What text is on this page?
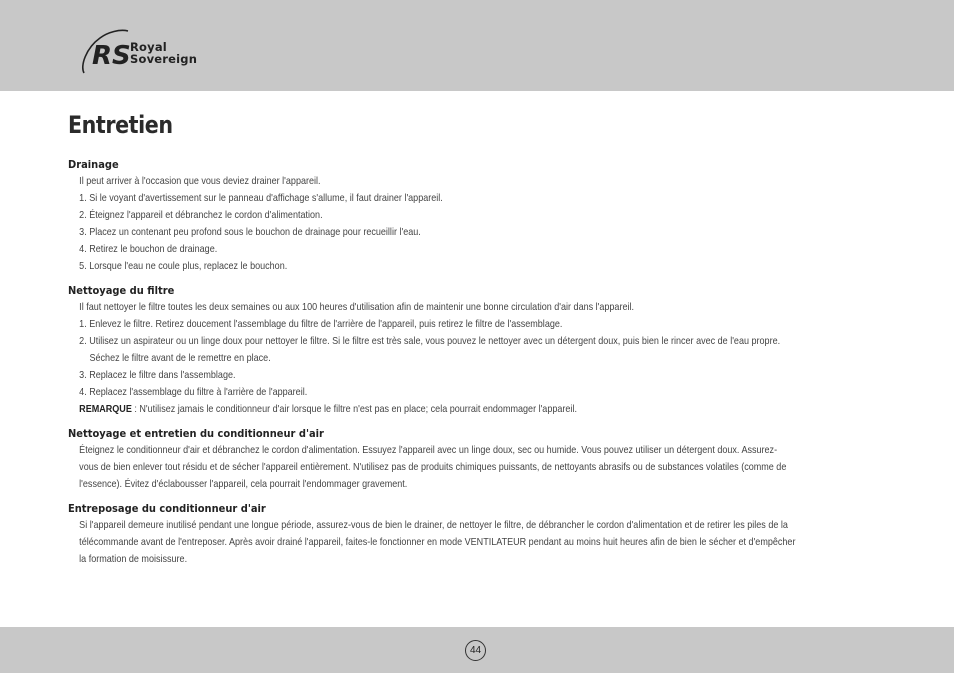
RS Royal
Sovereign
Entretien
Drainage
Il peut arriver à l'occasion que vous deviez drainer l'appareil.
1. Si le voyant d'avertissement sur le panneau d'affichage s'allume, il faut drainer l'appareil.
2. Éteignez l'appareil et débranchez le cordon d'alimentation.
3. Placez un contenant peu profond sous le bouchon de drainage pour recueillir l'eau.
4. Retirez le bouchon de drainage.
5. Lorsque l'eau ne coule plus, replacez le bouchon.
Nettoyage du filtre
Il faut nettoyer le filtre toutes les deux semaines ou aux 100 heures d'utilisation afin de maintenir une bonne circulation d'air dans l'appareil.
1. Enlevez le filtre. Retirez doucement l'assemblage du filtre de l'arrière de l'appareil, puis retirez le filtre de l'assemblage.
2. Utilisez un aspirateur ou un linge doux pour nettoyer le filtre. Si le filtre est très sale, vous pouvez le nettoyer avec un détergent doux, puis bien le rincer avec de l'eau propre.
Séchez le filtre avant de le remettre en place.
3. Replacez le filtre dans l'assemblage.
4. Replacez l'assemblage du filtre à l'arrière de l'appareil.
REMARQUE : N'utilisez jamais le conditionneur d'air lorsque le filtre n'est pas en place; cela pourrait endommager l'appareil.
Nettoyage et entretien du conditionneur d'air
Éteignez le conditionneur d'air et débranchez le cordon d'alimentation. Essuyez l'appareil avec un linge doux, sec ou humide. Vous pouvez utiliser un détergent doux. Assurez-
vous de bien enlever tout résidu et de sécher l'appareil entièrement. N'utilisez pas de produits chimiques puissants, de nettoyants abrasifs ou de substances volatiles (comme de
l'essence). Évitez d'éclabousser l'appareil, cela pourrait l'endommager gravement.
Entreposage du conditionneur d'air
Si l'appareil demeure inutilisé pendant une longue période, assurez-vous de bien le drainer, de nettoyer le filtre, de débrancher le cordon d'alimentation et de retirer les piles de la
télécommande avant de l'entreposer. Après avoir drainé l'appareil, faites-le fonctionner en mode VENTILATEUR pendant au moins huit heures afin de bien le sécher et d'empêcher
la formation de moisissure.
44
